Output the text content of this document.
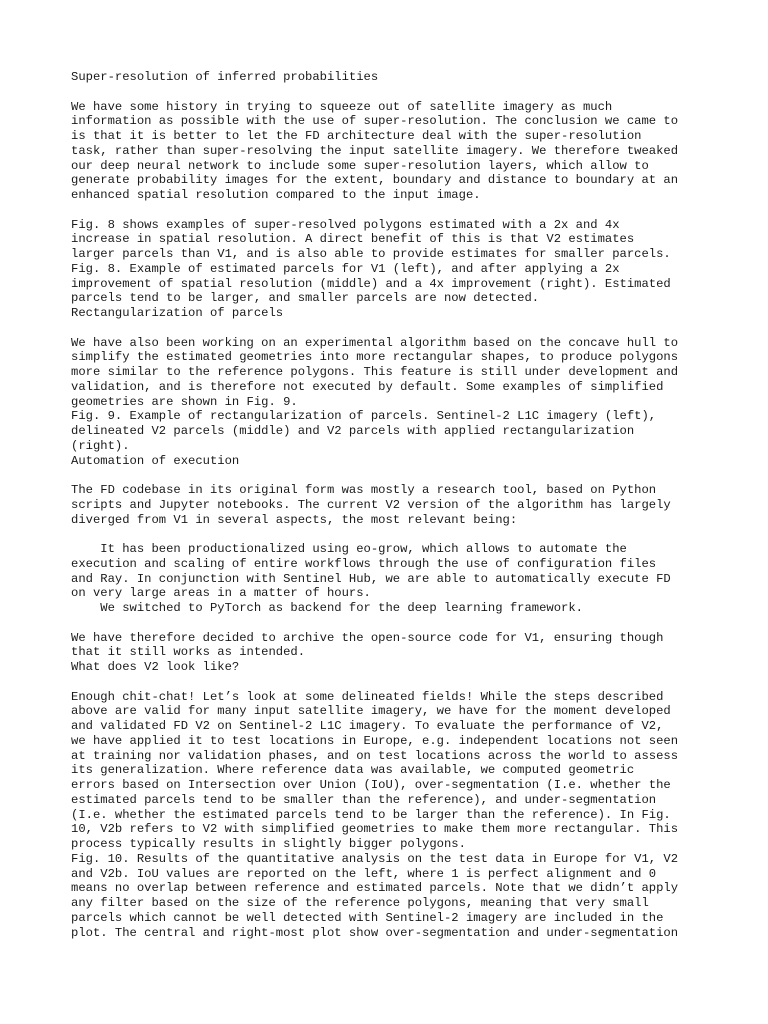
Super-resolution of inferred probabilities
We have some history in trying to squeeze out of satellite imagery as much
information as possible with the use of super-resolution. The conclusion we came to
is that it is better to let the FD architecture deal with the super-resolution
task, rather than super-resolving the input satellite imagery. We therefore tweaked
our deep neural network to include some super-resolution layers, which allow to
generate probability images for the extent, boundary and distance to boundary at an
enhanced spatial resolution compared to the input image.
Fig. 8 shows examples of super-resolved polygons estimated with a 2x and 4x
increase in spatial resolution. A direct benefit of this is that V2 estimates
larger parcels than V1, and is also able to provide estimates for smaller parcels.
Fig. 8. Example of estimated parcels for V1 (left), and after applying a 2x
improvement of spatial resolution (middle) and a 4x improvement (right). Estimated
parcels tend to be larger, and smaller parcels are now detected.
Rectangularization of parcels
We have also been working on an experimental algorithm based on the concave hull to
simplify the estimated geometries into more rectangular shapes, to produce polygons
more similar to the reference polygons. This feature is still under development and
validation, and is therefore not executed by default. Some examples of simplified
geometries are shown in Fig. 9.
Fig. 9. Example of rectangularization of parcels. Sentinel-2 L1C imagery (left),
delineated V2 parcels (middle) and V2 parcels with applied rectangularization
(right).
Automation of execution
The FD codebase in its original form was mostly a research tool, based on Python
scripts and Jupyter notebooks. The current V2 version of the algorithm has largely
diverged from V1 in several aspects, the most relevant being:
It has been productionalized using eo-grow, which allows to automate the
execution and scaling of entire workflows through the use of configuration files
and Ray. In conjunction with Sentinel Hub, we are able to automatically execute FD
on very large areas in a matter of hours.
We switched to PyTorch as backend for the deep learning framework.
We have therefore decided to archive the open-source code for V1, ensuring though
that it still works as intended.
What does V2 look like?
Enough chit-chat! Let’s look at some delineated fields! While the steps described
above are valid for many input satellite imagery, we have for the moment developed
and validated FD V2 on Sentinel-2 L1C imagery. To evaluate the performance of V2,
we have applied it to test locations in Europe, e.g. independent locations not seen
at training nor validation phases, and on test locations across the world to assess
its generalization. Where reference data was available, we computed geometric
errors based on Intersection over Union (IoU), over-segmentation (I.e. whether the
estimated parcels tend to be smaller than the reference), and under-segmentation
(I.e. whether the estimated parcels tend to be larger than the reference). In Fig.
10, V2b refers to V2 with simplified geometries to make them more rectangular. This
process typically results in slightly bigger polygons.
Fig. 10. Results of the quantitative analysis on the test data in Europe for V1, V2
and V2b. IoU values are reported on the left, where 1 is perfect alignment and 0
means no overlap between reference and estimated parcels. Note that we didn’t apply
any filter based on the size of the reference polygons, meaning that very small
parcels which cannot be well detected with Sentinel-2 imagery are included in the
plot. The central and right-most plot show over-segmentation and under-segmentation
